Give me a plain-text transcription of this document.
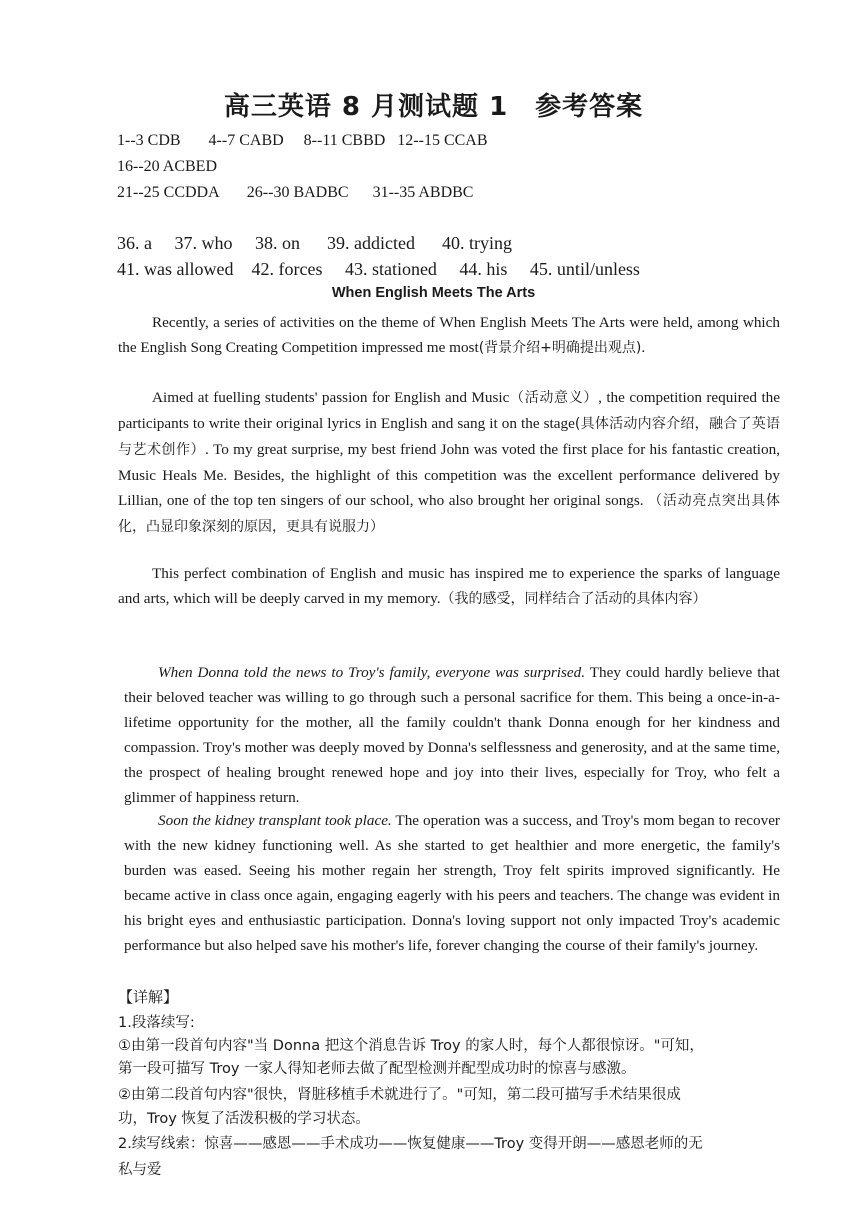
高三英语 8 月测试题 1　参考答案
1--3 CDB       4--7 CABD     8--11 CBBD   12--15 CCAB
16--20 ACBED
21--25 CCDDA       26--30 BADBC      31--35 ABDBC
36. a     37. who     38. on      39. addicted      40. trying
41. was allowed    42. forces     43. stationed     44. his     45. until/unless
When English Meets The Arts

Recently, a series of activities on the theme of When English Meets The Arts were held, among which the English Song Creating Competition impressed me most(背景介绍+明确提出观点).

Aimed at fuelling students' passion for English and Music（活动意义）, the competition required the participants to write their original lyrics in English and sang it on the stage(具体活动内容介绍，融合了英语与艺术创作）. To my great surprise, my best friend John was voted the first place for his fantastic creation, Music Heals Me. Besides, the highlight of this competition was the excellent performance delivered by Lillian, one of the top ten singers of our school, who also brought her original songs. （活动亮点突出具体化，凸显印象深刻的原因，更具有说服力）

This perfect combination of English and music has inspired me to experience the sparks of language and arts, which will be deeply carved in my memory.（我的感受，同样结合了活动的具体内容）

When Donna told the news to Troy's family, everyone was surprised. They could hardly believe that their beloved teacher was willing to go through such a personal sacrifice for them. This being a once-in-a-lifetime opportunity for the mother, all the family couldn't thank Donna enough for her kindness and compassion. Troy's mother was deeply moved by Donna's selflessness and generosity, and at the same time, the prospect of healing brought renewed hope and joy into their lives, especially for Troy, who felt a glimmer of happiness return.

Soon the kidney transplant took place. The operation was a success, and Troy's mom began to recover with the new kidney functioning well. As she started to get healthier and more energetic, the family's burden was eased. Seeing his mother regain her strength, Troy felt spirits improved significantly. He became active in class once again, engaging eagerly with his peers and teachers. The change was evident in his bright eyes and enthusiastic participation. Donna's loving support not only impacted Troy's academic performance but also helped save his mother's life, forever changing the course of their family's journey.

【详解】
1.段落续写:
①由第一段首句内容"当 Donna 把这个消息告诉 Troy 的家人时，每个人都很惊讶。"可知，
第一段可描写 Troy 一家人得知老师去做了配型检测并配型成功时的惊喜与感激。
②由第二段首句内容"很快，肾脏移植手术就进行了。"可知，第二段可描写手术结果很成
功，Troy 恢复了活泼积极的学习状态。
2.续写线索：惊喜——感恩——手术成功——恢复健康——Troy 变得开朗——感恩老师的无
私与爱
